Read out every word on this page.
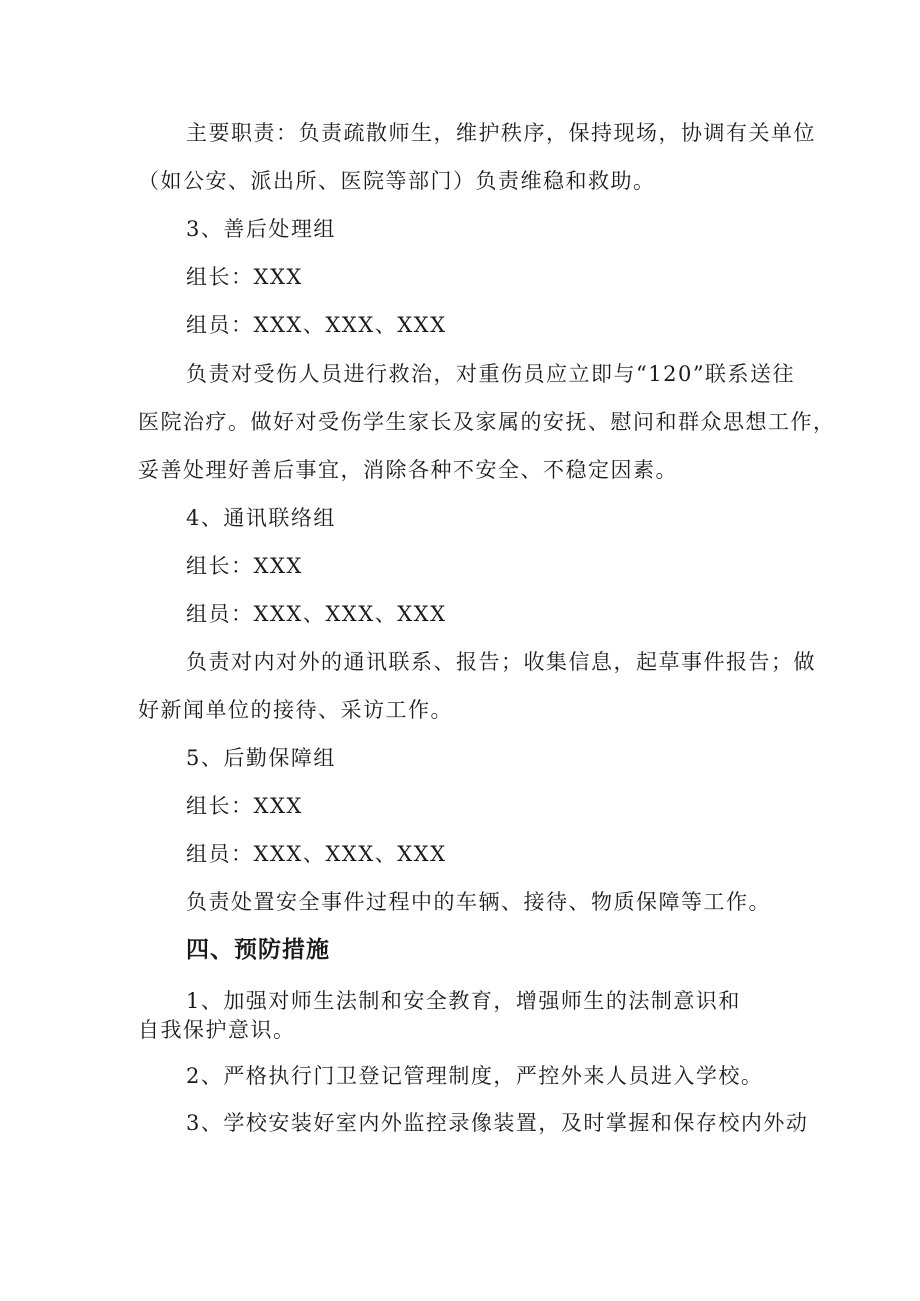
主要职责：负责疏散师生，维护秩序，保持现场，协调有关单位
（如公安、派出所、医院等部门）负责维稳和救助。
3、善后处理组
组长：XXX
组员：XXX、XXX、XXX
负责对受伤人员进行救治，对重伤员应立即与“120”联系送往
医院治疗。做好对受伤学生家长及家属的安抚、慰问和群众思想工作，
妥善处理好善后事宜，消除各种不安全、不稳定因素。
4、通讯联络组
组长：XXX
组员：XXX、XXX、XXX
负责对内对外的通讯联系、报告；收集信息，起草事件报告；做
好新闻单位的接待、采访工作。
5、后勤保障组
组长：XXX
组员：XXX、XXX、XXX
负责处置安全事件过程中的车辆、接待、物质保障等工作。
四、预防措施
1、加强对师生法制和安全教育，增强师生的法制意识和
自我保护意识。
2、严格执行门卫登记管理制度，严控外来人员进入学校。
3、学校安装好室内外监控录像装置，及时掌握和保存校内外动
